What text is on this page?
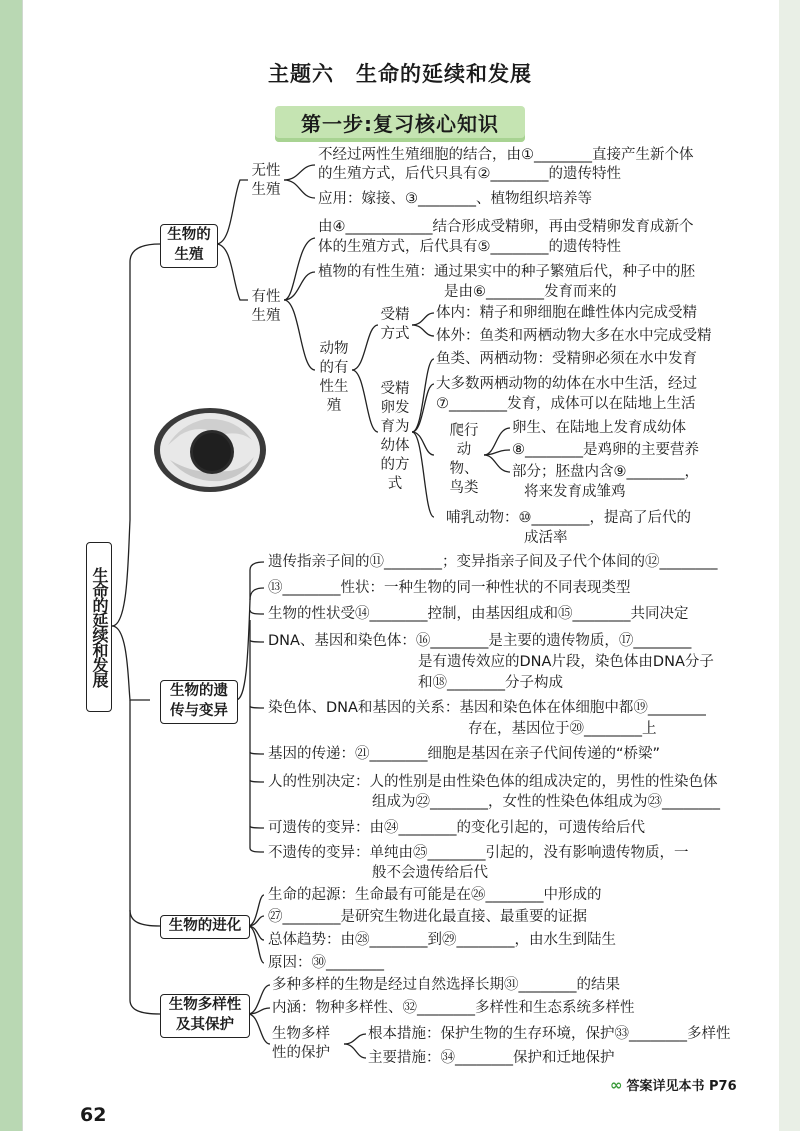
主题六　生命的延续和发展
第一步:复习核心知识
生命的延续和发展
生物的
生殖
生物的遗
传与变异
生物的进化
生物多样性
及其保护
无性
生殖
不经过两性生殖细胞的结合，由①________直接产生新个体
的生殖方式，后代只具有②________的遗传特性
应用：嫁接、③________、植物组织培养等
有性
生殖
由④____________结合形成受精卵，再由受精卵发育成新个
体的生殖方式，后代具有⑤________的遗传特性
植物的有性生殖：通过果实中的种子繁殖后代，种子中的胚
是由⑥________发育而来的
动物
的有
性生
殖
受精
方式
体内：精子和卵细胞在雌性体内完成受精
体外：鱼类和两栖动物大多在水中完成受精
受精
卵发
育为
幼体
的方
式
鱼类、两栖动物：受精卵必须在水中发育
大多数两栖动物的幼体在水中生活，经过
⑦________发育，成体可以在陆地上生活
爬行
动物、
鸟类
卵生、在陆地上发育成幼体
⑧________是鸡卵的主要营养
部分；胚盘内含⑨________，
将来发育成雏鸡
哺乳动物：⑩________，提高了后代的
成活率
遗传指亲子间的⑪________；变异指亲子间及子代个体间的⑫________
⑬________性状：一种生物的同一种性状的不同表现类型
生物的性状受⑭________控制，由基因组成和⑮________共同决定
DNA、基因和染色体：⑯________是主要的遗传物质，⑰________
是有遗传效应的DNA片段，染色体由DNA分子
和⑱________分子构成
染色体、DNA和基因的关系：基因和染色体在体细胞中都⑲________
存在，基因位于⑳________上
基因的传递：㉑________细胞是基因在亲子代间传递的“桥梁”
人的性别决定：人的性别是由性染色体的组成决定的，男性的性染色体
组成为㉒________，女性的性染色体组成为㉓________
可遗传的变异：由㉔________的变化引起的，可遗传给后代
不遗传的变异：单纯由㉕________引起的，没有影响遗传物质，一
般不会遗传给后代
生命的起源：生命最有可能是在㉖________中形成的
㉗________是研究生物进化最直接、最重要的证据
总体趋势：由㉘________到㉙________，由水生到陆生
原因：㉚________
多种多样的生物是经过自然选择长期㉛________的结果
内涵：物种多样性、㉜________多样性和生态系统多样性
生物多样
性的保护
根本措施：保护生物的生存环境，保护㉝________多样性
主要措施：㉞________保护和迁地保护
∞ 答案详见本书 P76
62
